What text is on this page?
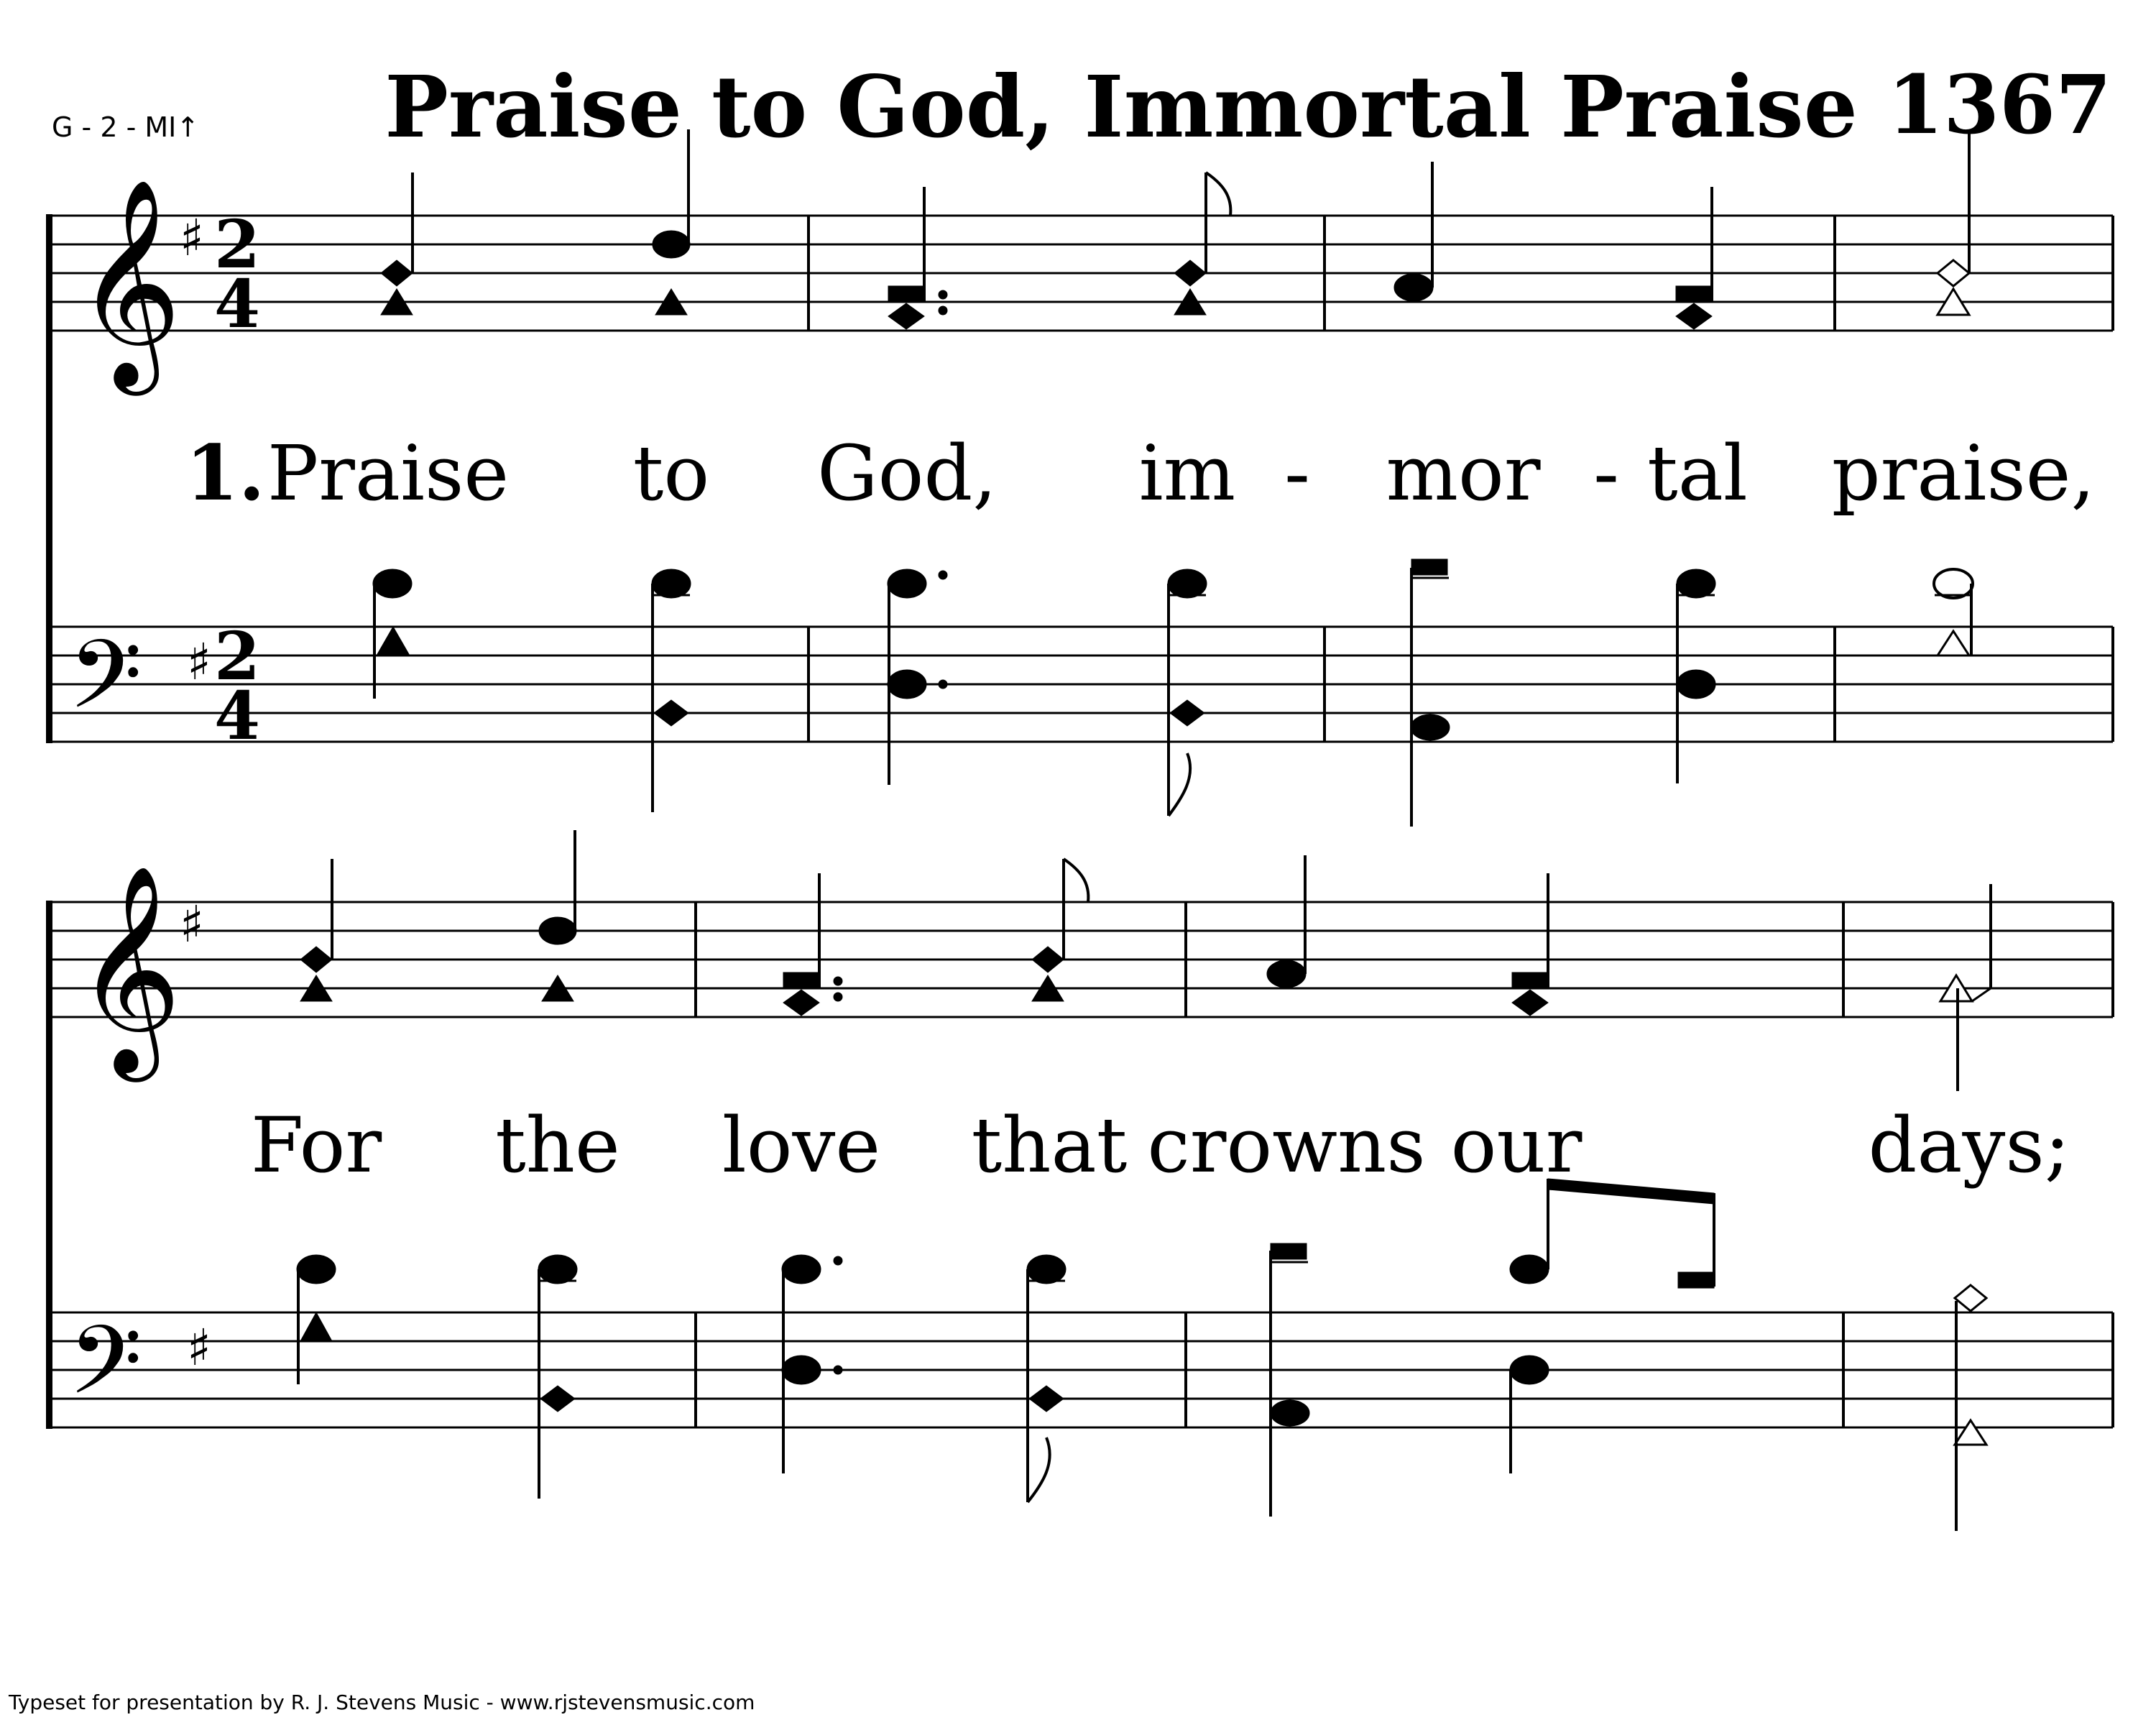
G - 2 - MI↑ Praise to God, Immortal Praise 1367
𝄞
♯ 2
4
𝄢 ♯ 2
4
1. Praise to God, im - mor - tal praise,
𝄞
♯
𝄢 ♯
For the love that crowns our	days;
Typeset for presentation by R. J. Stevens Music - www.rjstevensmusic.com
